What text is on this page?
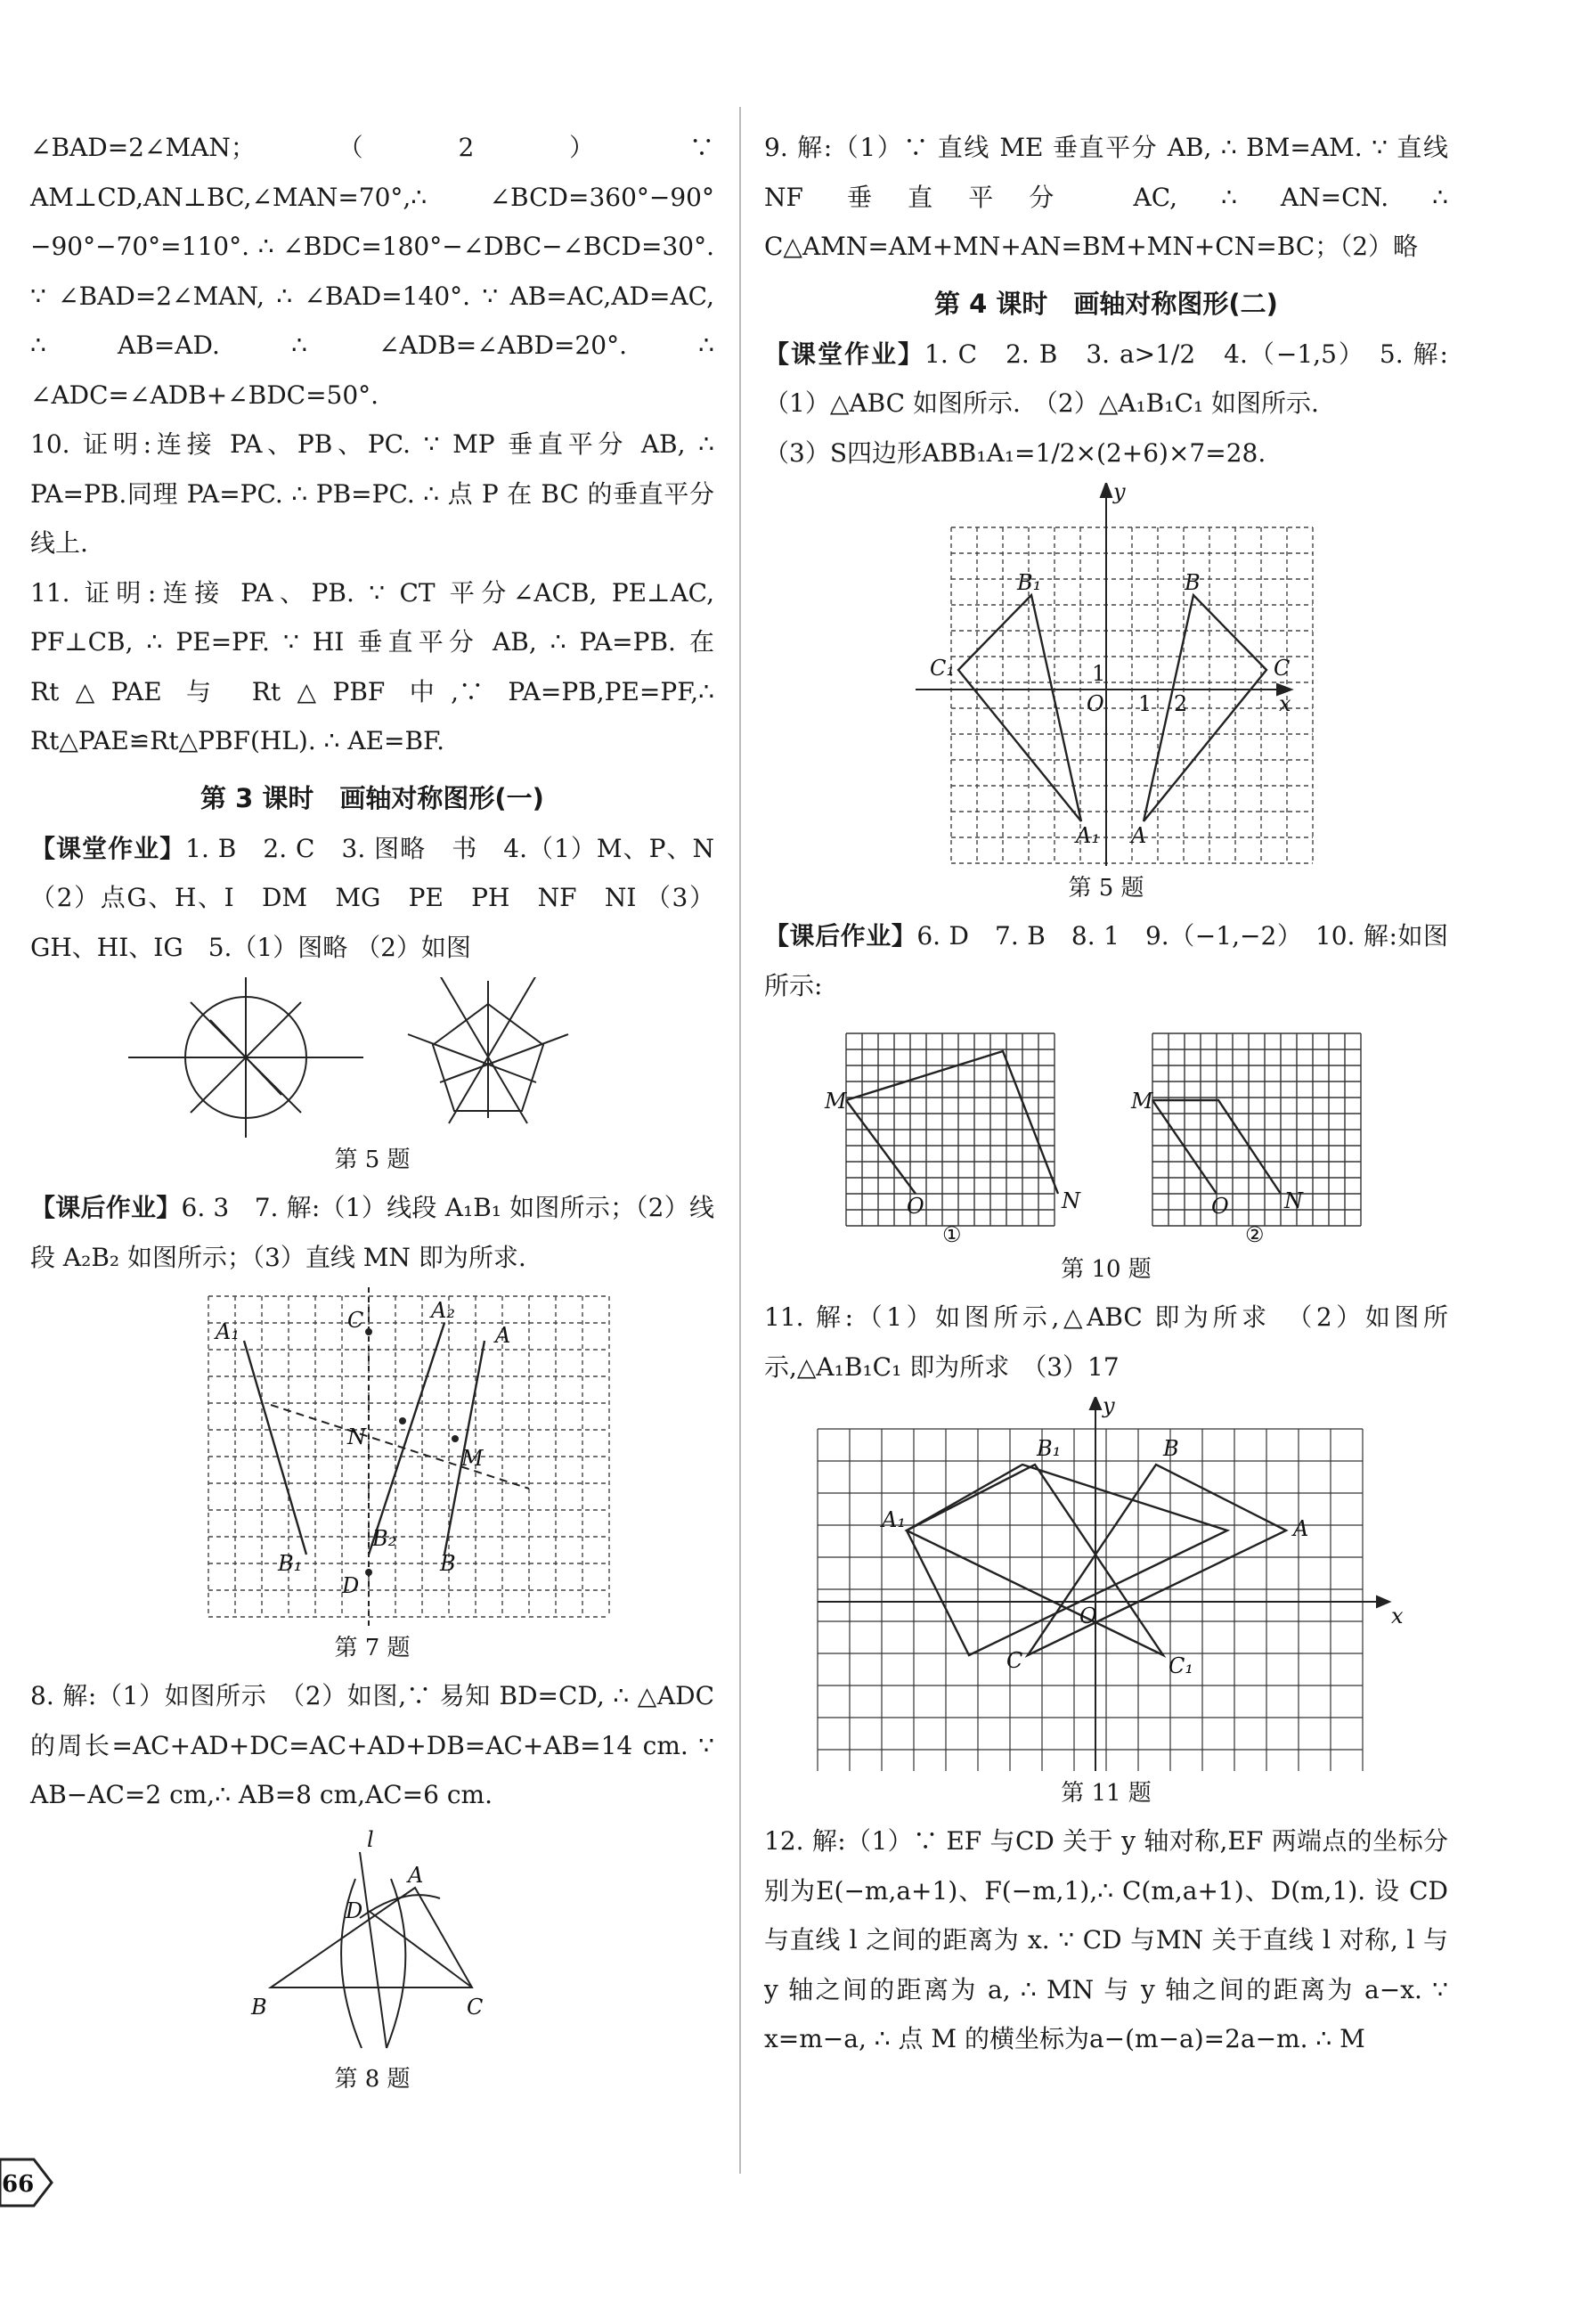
∠BAD=2∠MAN；（2）∵ AM⊥CD,AN⊥BC,∠MAN=70°,∴ ∠BCD=360°−90°−90°−70°=110°. ∴ ∠BDC=180°−∠DBC−∠BCD=30°. ∵ ∠BAD=2∠MAN, ∴ ∠BAD=140°. ∵ AB=AC,AD=AC, ∴ AB=AD. ∴ ∠ADB=∠ABD=20°. ∴ ∠ADC=∠ADB+∠BDC=50°.

10. 证明:连接 PA、PB、PC. ∵ MP 垂直平分 AB, ∴ PA=PB.同理 PA=PC. ∴ PB=PC. ∴ 点 P 在 BC 的垂直平分线上.

11. 证明:连接 PA、PB. ∵ CT 平分∠ACB, PE⊥AC, PF⊥CB, ∴ PE=PF. ∵ HI 垂直平分 AB, ∴ PA=PB. 在 Rt△PAE 与 Rt△PBF 中,∵ PA=PB,PE=PF,∴ Rt△PAE≌Rt△PBF(HL). ∴ AE=BF.

第 3 课时　画轴对称图形(一)

【课堂作业】1. B　2. C　3. 图略　书　4.（1）M、P、N （2）点G、H、I　DM　MG　PE　PH　NF　NI （3）GH、HI、IG　5.（1）图略 （2）如图

第 5 题

【课后作业】6. 3　7. 解:（1）线段 A₁B₁ 如图所示；（2）线段 A₂B₂ 如图所示；（3）直线 MN 即为所求.

C
D
A
A₁
A₂
B
B₁
B₂
M
N
第 7 题

8. 解:（1）如图所示　（2）如图,∵ 易知 BD=CD, ∴ △ADC 的周长=AC+AD+DC=AC+AD+DB=AC+AB=14 cm. ∵ AB−AC=2 cm,∴ AB=8 cm,AC=6 cm.

l
A
B	C
D
第 8 题

9. 解:（1）∵ 直线 ME 垂直平分 AB, ∴ BM=AM. ∵ 直线 NF 垂直平分 AC, ∴ AN=CN. ∴ C△AMN=AM+MN+AN=BM+MN+CN=BC；（2）略

第 4 课时　画轴对称图形(二)

【课堂作业】1. C　2. B　3. a>1/2　4.（−1,5）　5. 解:（1）△ABC 如图所示.　（2）△A₁B₁C₁ 如图所示.

（3）S四边形ABB₁A₁=1/2×(2+6)×7=28.

y
x
O 1 2
1
A
A₁
B
B₁
C
C₁
第 5 题

【课后作业】6. D　7. B　8. 1　9.（−1,−2）　10. 解:如图所示:

M
N
O
M
N
O
①	②
第 10 题

11. 解:（1）如图所示,△ABC 即为所求　（2）如图所示,△A₁B₁C₁ 即为所求　（3）17

y
x
O
A
A₁
B
B₁
C	C₁
第 11 题

12. 解:（1）∵ EF 与CD 关于 y 轴对称,EF 两端点的坐标分别为E(−m,a+1)、F(−m,1),∴ C(m,a+1)、D(m,1). 设 CD 与直线 l 之间的距离为 x. ∵ CD 与MN 关于直线 l 对称, l 与 y 轴之间的距离为 a, ∴ MN 与 y 轴之间的距离为 a−x. ∵ x=m−a, ∴ 点 M 的横坐标为a−(m−a)=2a−m. ∴ M

66
